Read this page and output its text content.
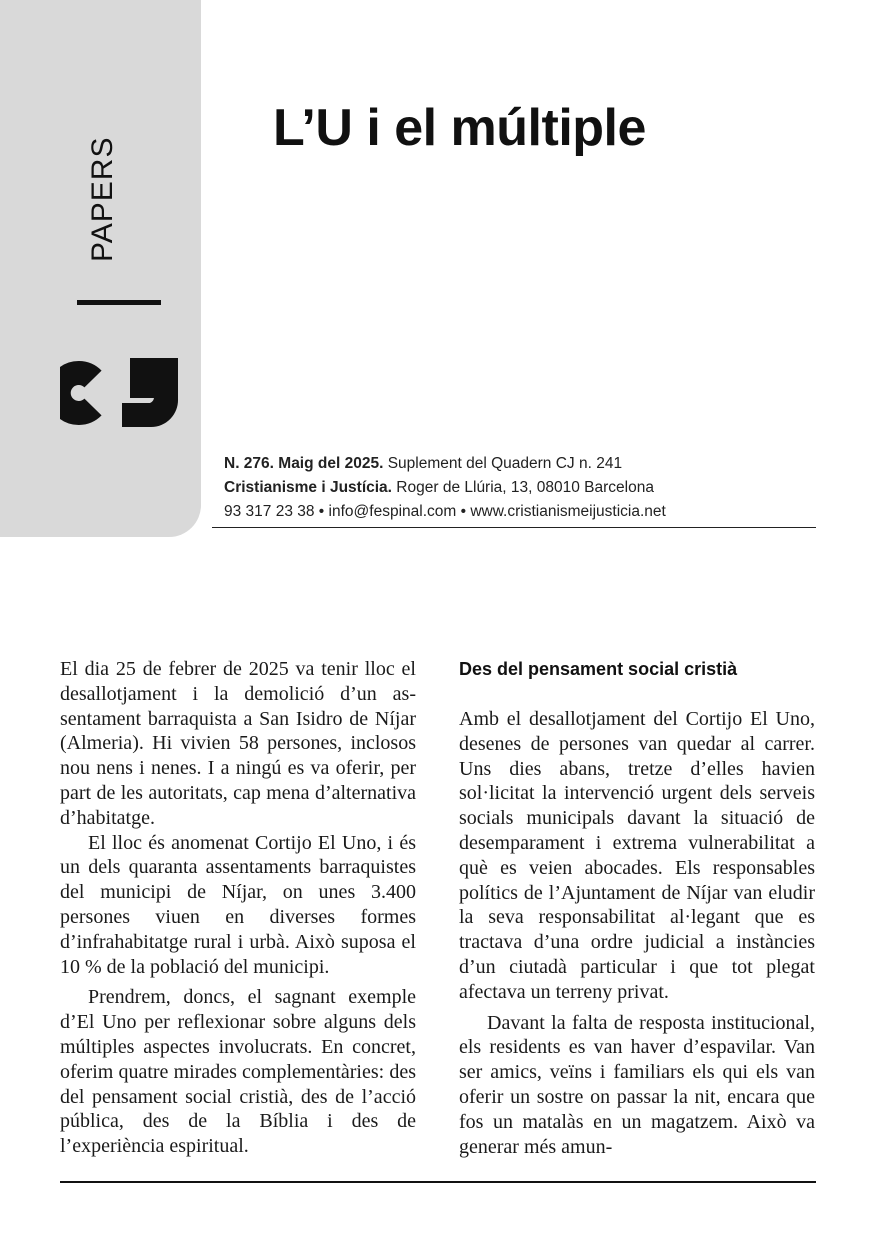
PAPERS
L’U i el múltiple
N. 276. Maig del 2025. Suplement del Quadern CJ n. 241
Cristianisme i Justícia. Roger de Llúria, 13, 08010 Barcelona
93 317 23 38 • info@fespinal.com • www.cristianismeijusticia.net

El dia 25 de febrer de 2025 va tenir lloc el desallotjament i la demolició d’un assentament barraquista a San Isidro de Níjar (Almeria). Hi vivien 58 persones, inclosos nou nens i nenes. I a ningú es va oferir, per part de les autoritats, cap mena d’alternativa d’habitatge.

El lloc és anomenat Cortijo El Uno, i és un dels quaranta assentaments barraquistes del municipi de Níjar, on unes 3.400 persones viuen en diverses formes d’infrahabitatge rural i urbà. Això suposa el 10 % de la població del municipi.

Prendrem, doncs, el sagnant exemple d’El Uno per reflexionar sobre alguns dels múltiples aspectes involucrats. En concret, oferim quatre mirades complementàries: des del pensament social cristià, des de l’acció pública, des de la Bíblia i des de l’experiència espiritual.

Des del pensament social cristià

Amb el desallotjament del Cortijo El Uno, desenes de persones van quedar al carrer. Uns dies abans, tretze d’elles havien sol·licitat la intervenció urgent dels serveis socials municipals davant la situació de desemparament i extrema vulnerabilitat a què es veien abocades. Els responsables polítics de l’Ajuntament de Níjar van eludir la seva responsabilitat al·legant que es tractava d’una ordre judicial a instàncies d’un ciutadà particular i que tot plegat afectava un terreny privat.

Davant la falta de resposta institucional, els residents es van haver d’espavilar. Van ser amics, veïns i familiars els qui els van oferir un sostre on passar la nit, encara que fos un matalàs en un magatzem. Això va generar més amun-
